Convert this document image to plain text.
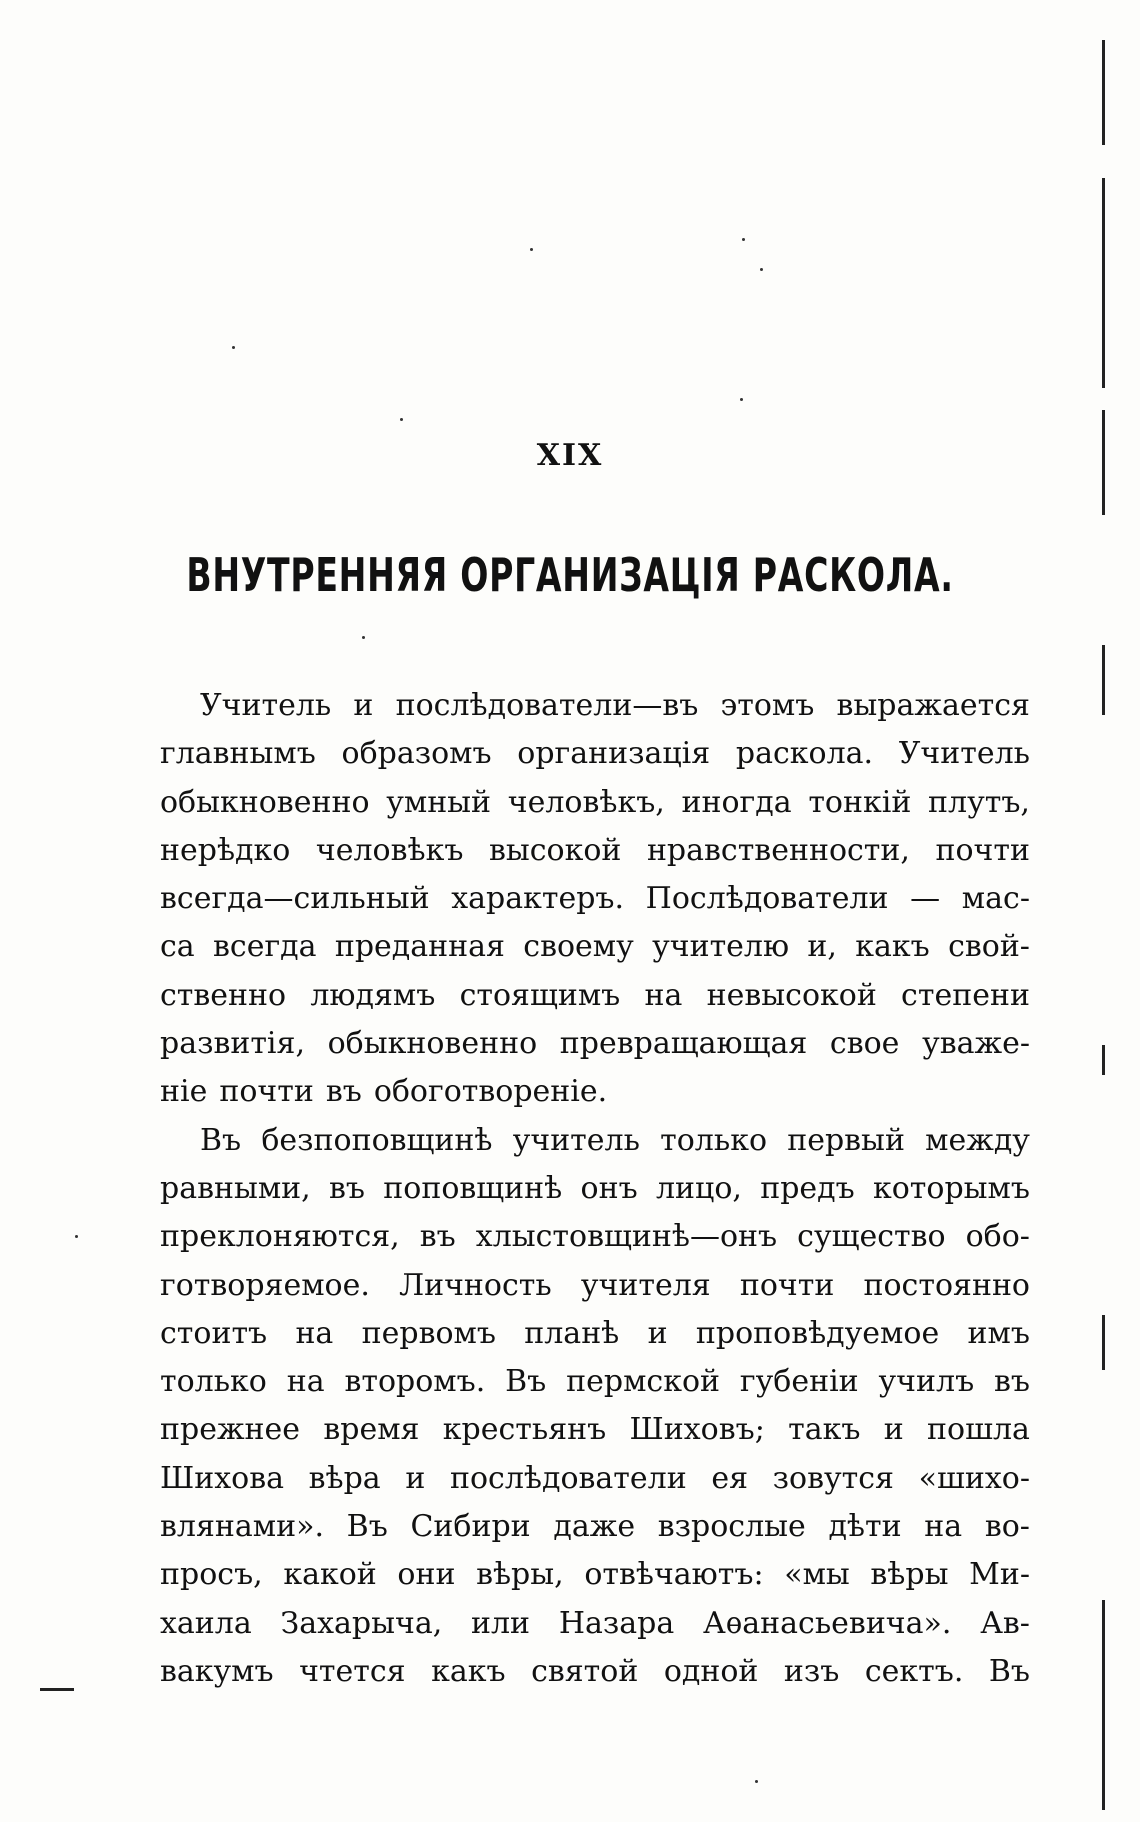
XIX
ВНУТРЕННЯЯ ОРГАНИЗАЦІЯ РАСКОЛА.
Учитель и послѣдователи—въ этомъ выражается
главнымъ образомъ организація раскола. Учитель
обыкновенно умный человѣкъ, иногда тонкій плутъ,
нерѣдко человѣкъ высокой нравственности, почти
всегда—сильный характеръ. Послѣдователи — мас-
са всегда преданная своему учителю и, какъ свой-
ственно людямъ стоящимъ на невысокой степени
развитія, обыкновенно превращающая свое уваже-
ніе почти въ обоготвореніе.
Въ безпоповщинѣ учитель только первый между
равными, въ поповщинѣ онъ лицо, предъ которымъ
преклоняются, въ хлыстовщинѣ—онъ существо обо-
готворяемое. Личность учителя почти постоянно
стоитъ на первомъ планѣ и проповѣдуемое имъ
только на второмъ. Въ пермской губеніи училъ въ
прежнее время крестьянъ Шиховъ; такъ и пошла
Шихова вѣра и послѣдователи ея зовутся «шихо-
влянами». Въ Сибири даже взрослые дѣти на во-
просъ, какой они вѣры, отвѣчаютъ: «мы вѣры Ми-
хаила Захарыча, или Назара Аѳанасьевича». Ав-
вакумъ чтется какъ святой одной изъ сектъ. Въ
